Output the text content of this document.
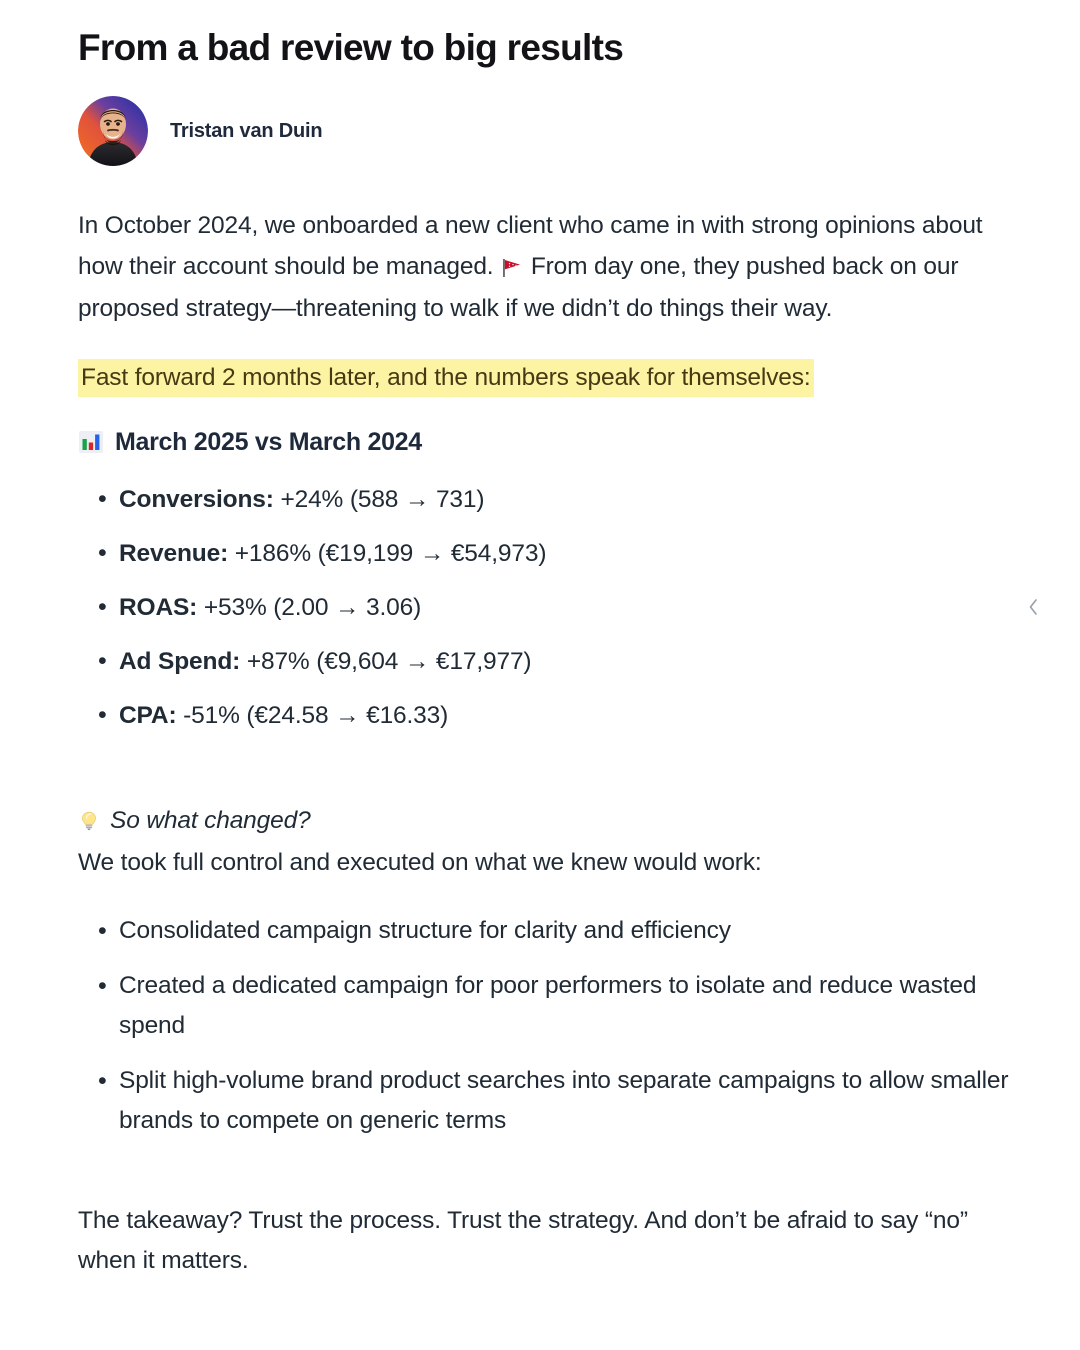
From a bad review to big results
Tristan van Duin

In October 2024, we onboarded a new client who came in with strong opinions about how their account should be managed. From day one, they pushed back on our proposed strategy—threatening to walk if we didn’t do things their way.

Fast forward 2 months later, and the numbers speak for themselves:
March 2025 vs March 2024
• Conversions: +24% (588 → 731)
• Revenue: +186% (€19,199 → €54,973)
• ROAS: +53% (2.00 → 3.06)
• Ad Spend: +87% (€9,604 → €17,977)
• CPA: -51% (€24.58 → €16.33)
So what changed?

We took full control and executed on what we knew would work:

• Consolidated campaign structure for clarity and efficiency
• Created a dedicated campaign for poor performers to isolate and reduce wasted spend
• Split high-volume brand product searches into separate campaigns to allow smaller brands to compete on generic terms

The takeaway? Trust the process. Trust the strategy. And don’t be afraid to say “no” when it matters.
